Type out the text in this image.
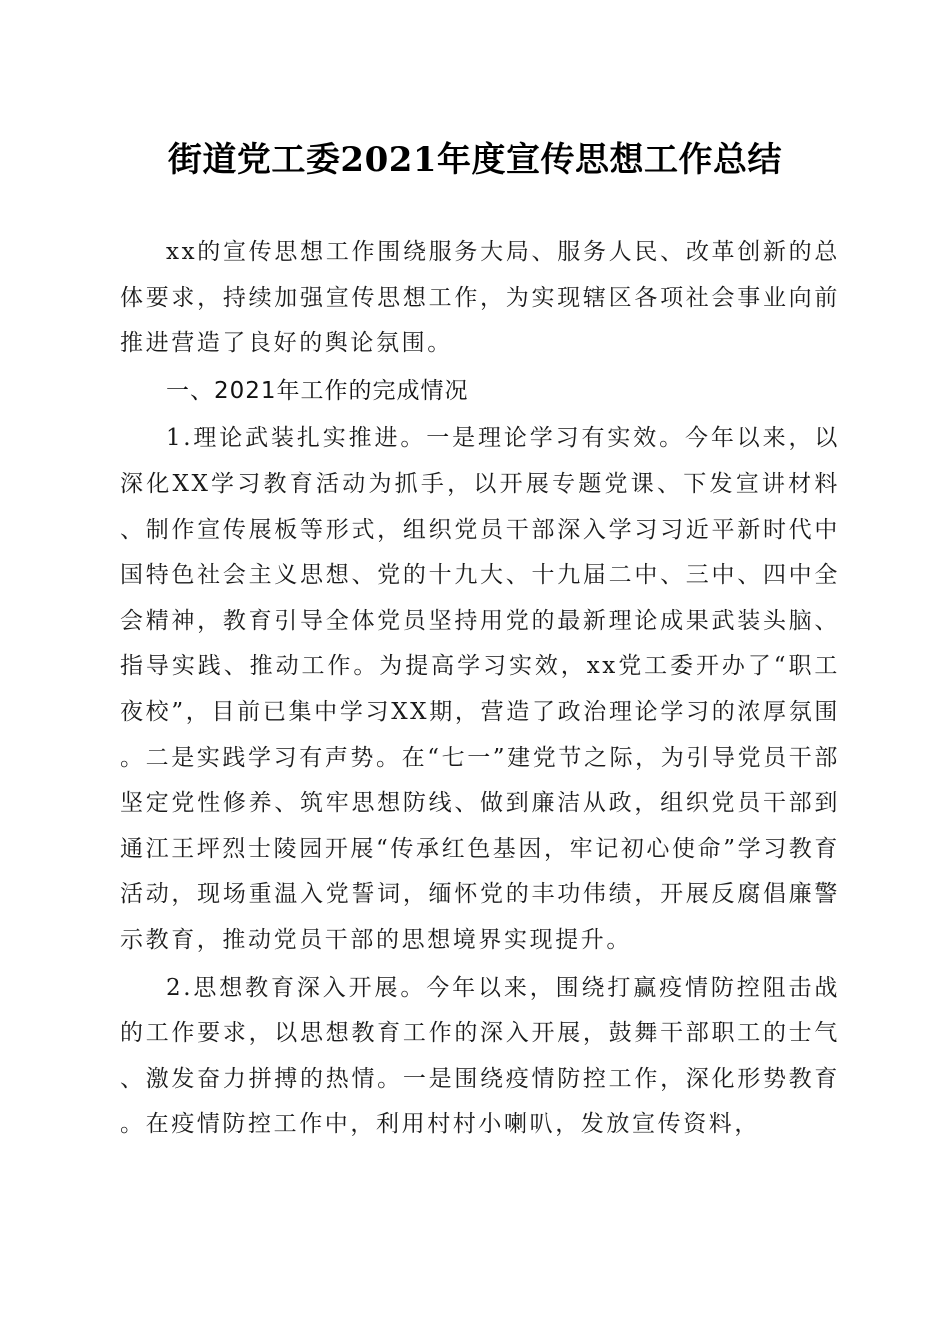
街道党工委2021年度宣传思想工作总结

xx的宣传思想工作围绕服务大局、服务人民、改革创新的总体要求，持续加强宣传思想工作，为实现辖区各项社会事业向前推进营造了良好的舆论氛围。

一、2021年工作的完成情况

1.理论武装扎实推进。一是理论学习有实效。今年以来，以深化XX学习教育活动为抓手，以开展专题党课、下发宣讲材料、制作宣传展板等形式，组织党员干部深入学习习近平新时代中国特色社会主义思想、党的十九大、十九届二中、三中、四中全会精神，教育引导全体党员坚持用党的最新理论成果武装头脑、指导实践、推动工作。为提高学习实效，xx党工委开办了“职工夜校”，目前已集中学习XX期，营造了政治理论学习的浓厚氛围。二是实践学习有声势。在“七一”建党节之际，为引导党员干部坚定党性修养、筑牢思想防线、做到廉洁从政，组织党员干部到通江王坪烈士陵园开展“传承红色基因，牢记初心使命”学习教育活动，现场重温入党誓词，缅怀党的丰功伟绩，开展反腐倡廉警示教育，推动党员干部的思想境界实现提升。

2.思想教育深入开展。今年以来，围绕打赢疫情防控阻击战的工作要求，以思想教育工作的深入开展，鼓舞干部职工的士气、激发奋力拼搏的热情。一是围绕疫情防控工作，深化形势教育。在疫情防控工作中，利用村村小喇叭，发放宣传资料，
